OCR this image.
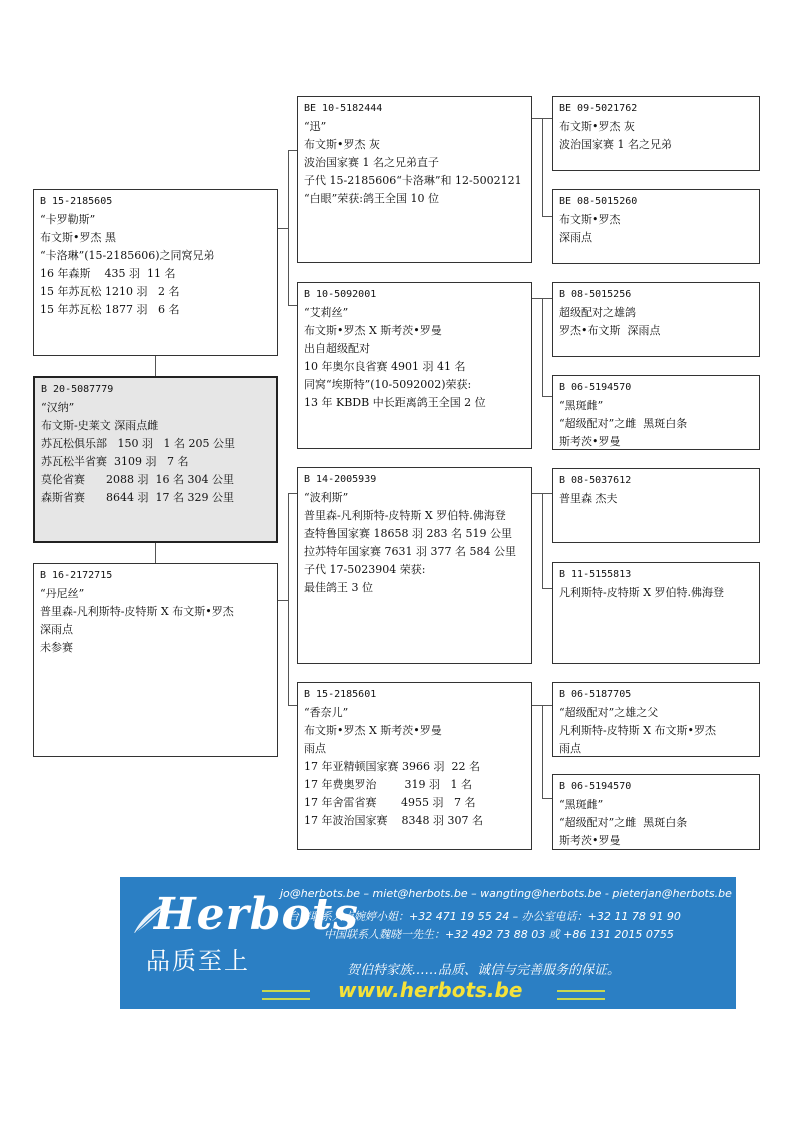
B 15-2185605
“卡罗勒斯”
布文斯•罗杰 黑
“卡洛琳”(15-2185606)之同窝兄弟
16 年森斯    435 羽  11 名
15 年苏瓦松 1210 羽   2 名
15 年苏瓦松 1877 羽   6 名
B 20-5087779
“汉纳”
布文斯-史莱文 深雨点雌
苏瓦松俱乐部   150 羽   1 名 205 公里
苏瓦松半省赛  3109 羽   7 名
莫伦省赛      2088 羽  16 名 304 公里
森斯省赛      8644 羽  17 名 329 公里
B 16-2172715
“丹尼丝”
普里森-凡利斯特-皮特斯 X 布文斯•罗杰
深雨点
未参赛
BE 10-5182444
“迅”
布文斯•罗杰 灰
波治国家赛 1 名之兄弟直子
子代 15-2185606“卡洛琳”和 12-5002121
“白眼”荣获:鸽王全国 10 位
B 10-5092001
“艾莉丝”
布文斯•罗杰 X 斯考茨•罗曼
出自超级配对
10 年奥尔良省赛 4901 羽 41 名
同窝“埃斯特”(10-5092002)荣获:
13 年 KBDB 中长距离鸽王全国 2 位
B 14-2005939
“波利斯”
普里森-凡利斯特-皮特斯 X 罗伯特.佛海登
查特鲁国家赛 18658 羽 283 名 519 公里
拉苏特年国家赛 7631 羽 377 名 584 公里
子代 17-5023904 荣获:
最佳鸽王 3 位
B 15-2185601
“香奈儿”
布文斯•罗杰 X 斯考茨•罗曼
雨点
17 年亚精顿国家赛 3966 羽  22 名
17 年费奥罗治        319 羽   1 名
17 年舍雷省赛       4955 羽   7 名
17 年波治国家赛    8348 羽 307 名
BE 09-5021762
布文斯•罗杰 灰
波治国家赛 1 名之兄弟
BE 08-5015260
布文斯•罗杰
深雨点
B 08-5015256
超级配对之雄鸽
罗杰•布文斯  深雨点
B 06-5194570
“黑斑雌”
“超级配对”之雌  黑斑白条
斯考茨•罗曼
B 08-5037612
普里森 杰夫
B 11-5155813
凡利斯特-皮特斯 X 罗伯特.佛海登
B 06-5187705
“超级配对”之雄之父
凡利斯特-皮特斯 X 布文斯•罗杰
雨点
B 06-5194570
“黑斑雌”
“超级配对”之雌  黑斑白条
斯考茨•罗曼
Herbots
品质至上
jo@herbots.be – miet@herbots.be – wangting@herbots.be - pieterjan@herbots.be
台湾联系人卢婉婷小姐：+32 471 19 55 24 – 办公室电话：+32 11 78 91 90
中国联系人魏晓一先生：+32 492 73 88 03 或 +86 131 2015 0755
贺伯特家族……品质、诚信与完善服务的保证。
www.herbots.be
